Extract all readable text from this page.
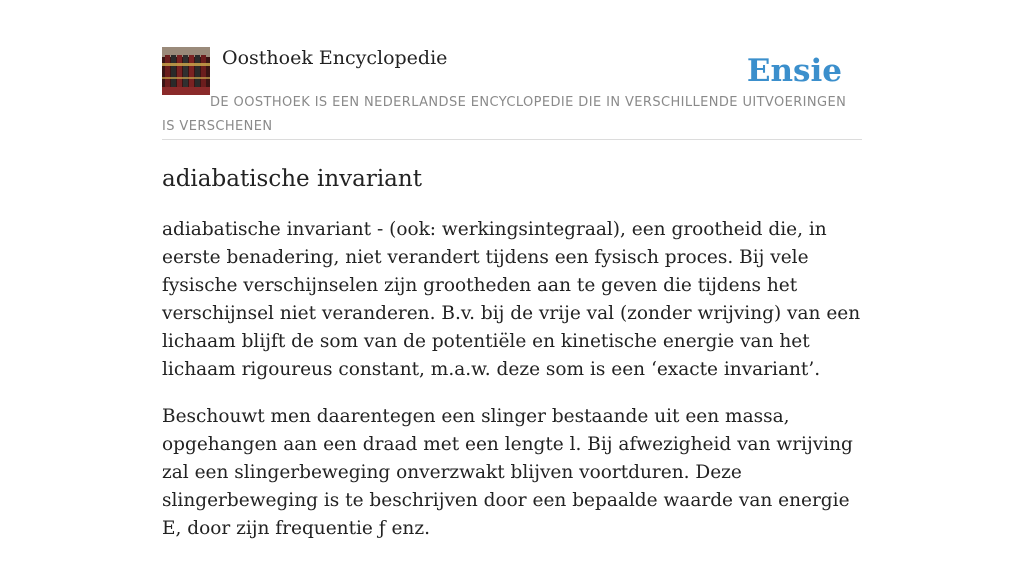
Oosthoek Encyclopedie	Ensie
DE OOSTHOEK IS EEN NEDERLANDSE ENCYCLOPEDIE DIE IN VERSCHILLENDE UITVOERINGEN IS VERSCHENEN
adiabatische invariant

adiabatische invariant - (ook: werkingsintegraal), een grootheid die, in eerste benadering, niet verandert tijdens een fysisch proces. Bij vele fysische verschijnselen zijn grootheden aan te geven die tijdens het verschijnsel niet veranderen. B.v. bij de vrije val (zonder wrijving) van een lichaam blijft de som van de potentiële en kinetische energie van het lichaam rigoureus constant, m.a.w. deze som is een ‘exacte invariant’.

Beschouwt men daarentegen een slinger bestaande uit een massa, opgehangen aan een draad met een lengte l. Bij afwezigheid van wrijving zal een slingerbeweging onverzwakt blijven voortduren. Deze slingerbeweging is te beschrijven door een bepaalde waarde van energie E, door zijn frequentie ƒ enz.
